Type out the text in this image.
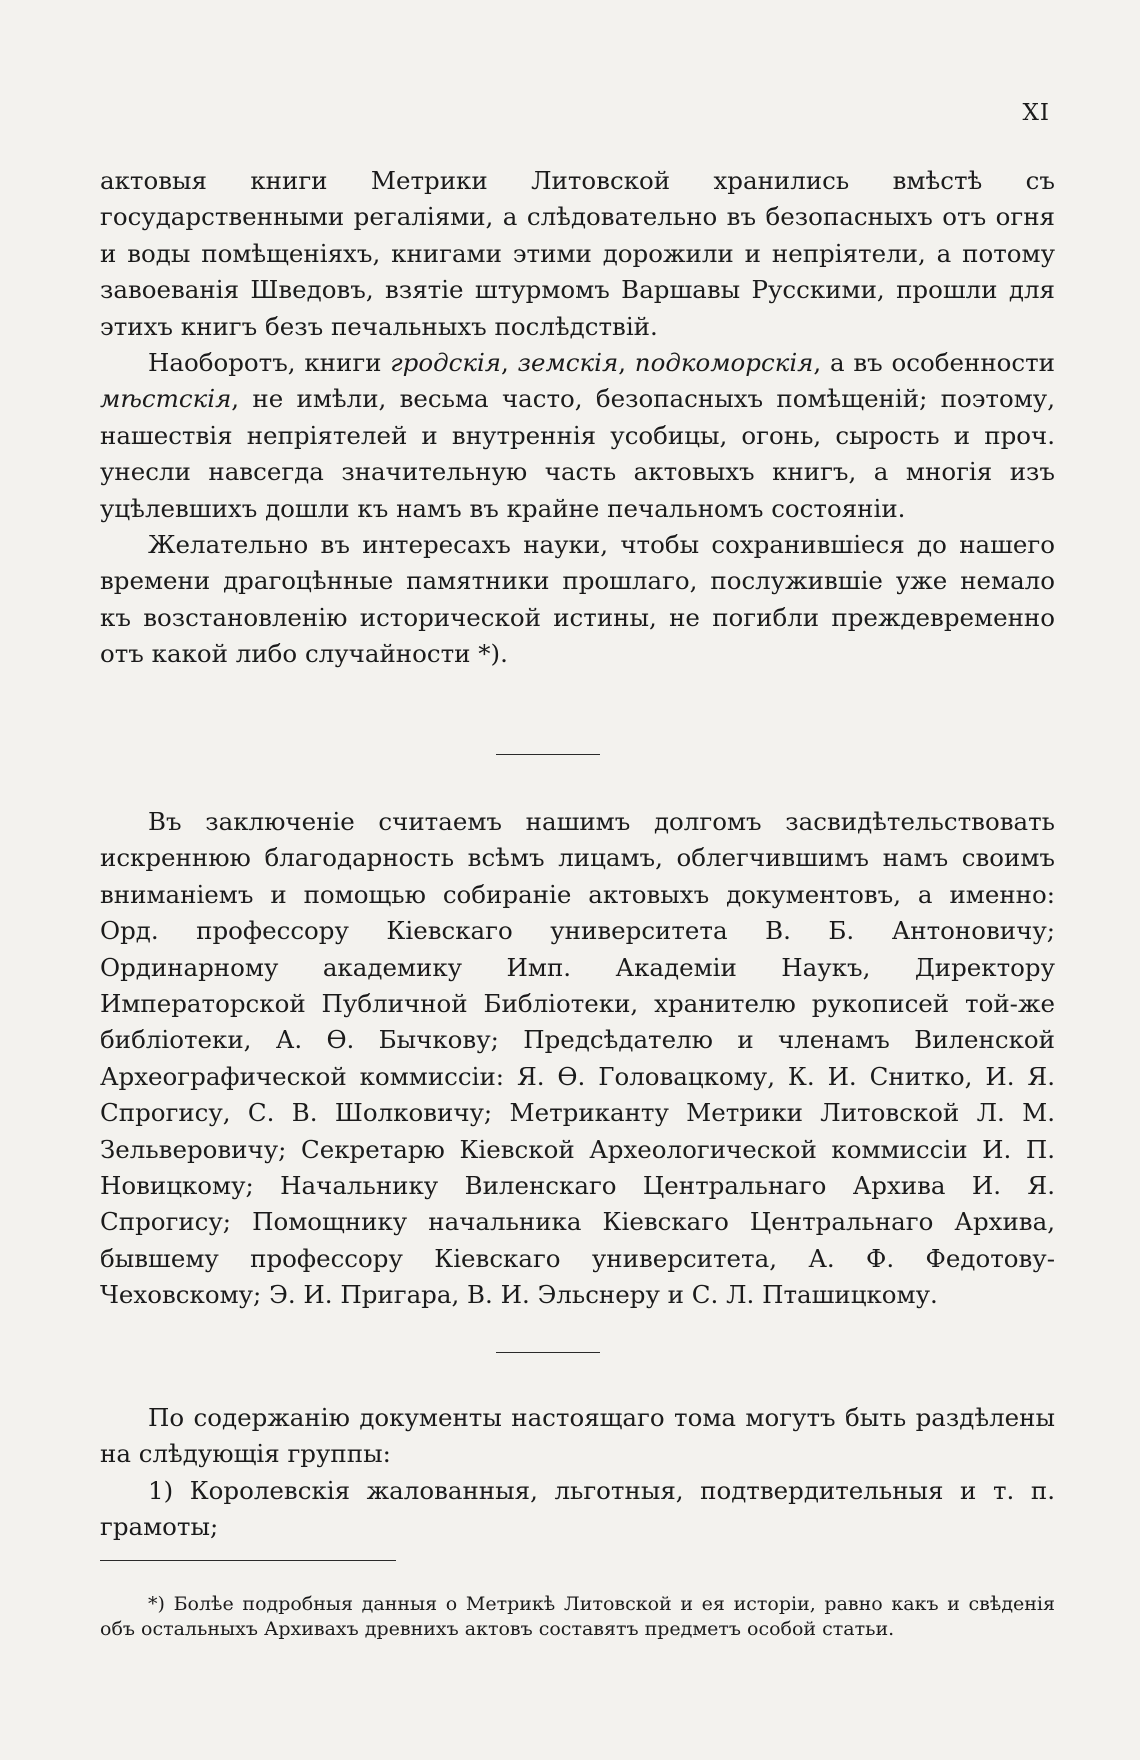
XI

актовыя книги Метрики Литовской хранились вмѣстѣ съ государственными регаліями, а слѣдовательно въ безопасныхъ отъ огня и воды помѣщеніяхъ, книгами этими дорожили и непріятели, а потому завоеванія Шведовъ, взятіе штурмомъ Варшавы Русскими, прошли для этихъ книгъ безъ печальныхъ послѣдствій.

Наоборотъ, книги гродскія, земскія, подкоморскія, а въ особенности мѣстскія, не имѣли, весьма часто, безопасныхъ помѣщеній; поэтому, нашествія непріятелей и внутреннія усобицы, огонь, сырость и проч. унесли навсегда значительную часть актовыхъ книгъ, а многія изъ уцѣлевшихъ дошли къ намъ въ крайне печальномъ состояніи.

Желательно въ интересахъ науки, чтобы сохранившіеся до нашего времени драгоцѣнные памятники прошлаго, послужившіе уже немало къ возстановленію исторической истины, не погибли преждевременно отъ какой либо случайности *).

Въ заключеніе считаемъ нашимъ долгомъ засвидѣтельствовать искреннюю благодарность всѣмъ лицамъ, облегчившимъ намъ своимъ вниманіемъ и помощью собираніе актовыхъ документовъ, а именно: Орд. профессору Кіевскаго университета В. Б. Антоновичу; Ординарному академику Имп. Академіи Наукъ, Директору Императорской Публичной Библіотеки, хранителю рукописей той-же библіотеки, А. Ѳ. Бычкову; Предсѣдателю и членамъ Виленской Археографической коммиссіи: Я. Ѳ. Головацкому, К. И. Снитко, И. Я. Спрогису, С. В. Шолковичу; Метриканту Метрики Литовской Л. М. Зельверовичу; Секретарю Кіевской Археологической коммиссіи И. П. Новицкому; Начальнику Виленскаго Центральнаго Архива И. Я. Спрогису; Помощнику начальника Кіевскаго Центральнаго Архива, бывшему профессору Кіевскаго университета, А. Ф. Федотову-Чеховскому; Э. И. Пригара, В. И. Эльснеру и С. Л. Пташицкому.

По содержанію документы настоящаго тома могутъ быть раздѣлены на слѣдующія группы:

1) Королевскія жалованныя, льготныя, подтвердительныя и т. п. грамоты;

*) Болѣе подробныя данныя о Метрикѣ Литовской и ея исторіи, равно какъ и свѣденія объ остальныхъ Архивахъ древнихъ актовъ составятъ предметъ особой статьи.
